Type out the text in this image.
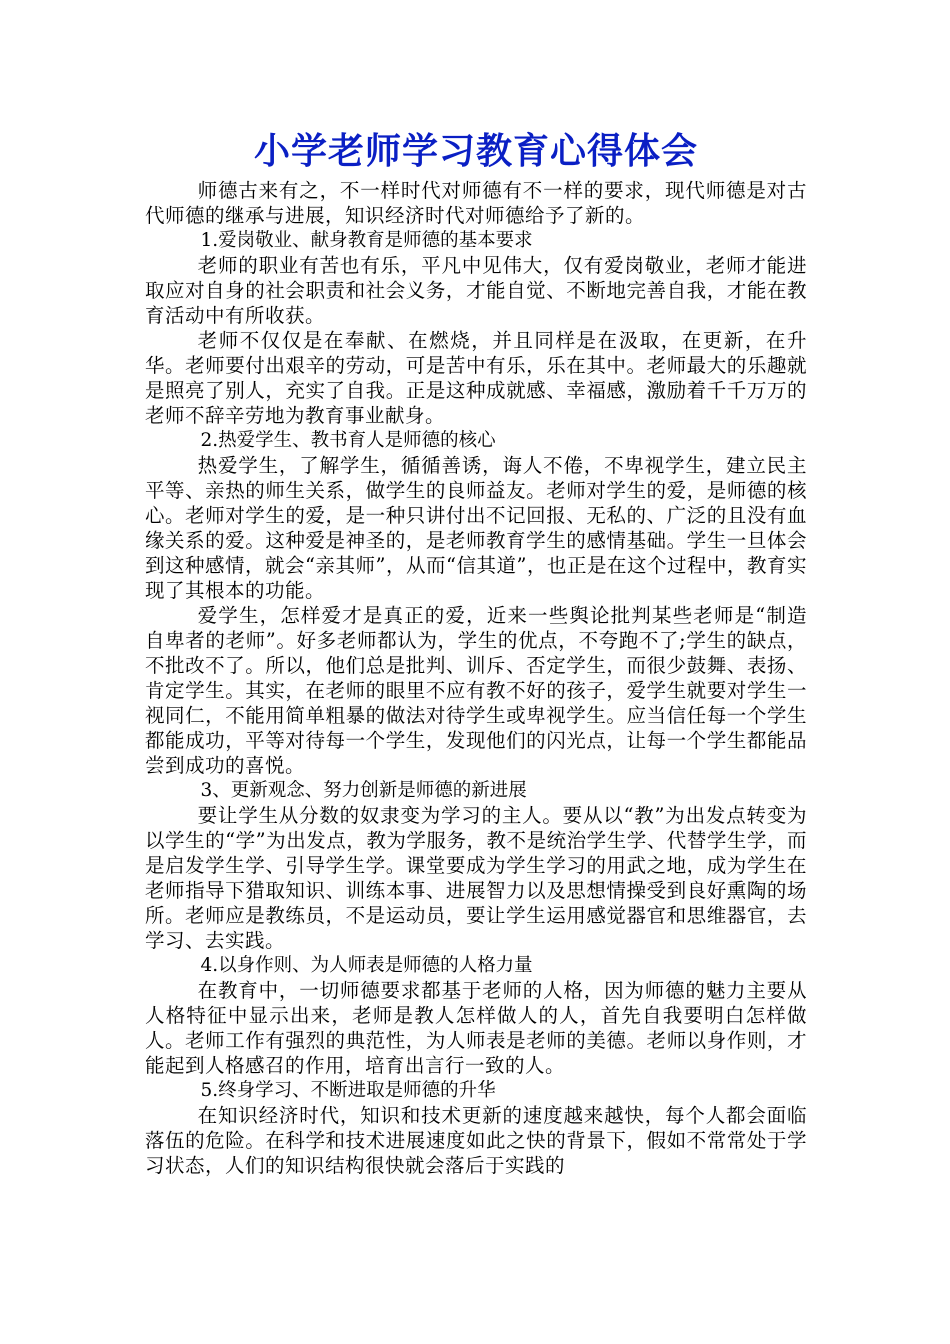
小学老师学习教育心得体会

师德古来有之，不一样时代对师德有不一样的要求，现代师德是对古代师德的继承与进展，知识经济时代对师德给予了新的。

1.爱岗敬业、献身教育是师德的基本要求

老师的职业有苦也有乐，平凡中见伟大，仅有爱岗敬业，老师才能进取应对自身的社会职责和社会义务，才能自觉、不断地完善自我，才能在教育活动中有所收获。

老师不仅仅是在奉献、在燃烧，并且同样是在汲取，在更新，在升华。老师要付出艰辛的劳动，可是苦中有乐，乐在其中。老师最大的乐趣就是照亮了别人，充实了自我。正是这种成就感、幸福感，激励着千千万万的老师不辞辛劳地为教育事业献身。

2.热爱学生、教书育人是师德的核心

热爱学生，了解学生，循循善诱，诲人不倦，不卑视学生，建立民主平等、亲热的师生关系，做学生的良师益友。老师对学生的爱，是师德的核心。老师对学生的爱，是一种只讲付出不记回报、无私的、广泛的且没有血缘关系的爱。这种爱是神圣的，是老师教育学生的感情基础。学生一旦体会到这种感情，就会“亲其师”，从而“信其道”，也正是在这个过程中，教育实现了其根本的功能。

爱学生，怎样爱才是真正的爱，近来一些舆论批判某些老师是“制造自卑者的老师”。好多老师都认为，学生的优点，不夸跑不了;学生的缺点，不批改不了。所以，他们总是批判、训斥、否定学生，而很少鼓舞、表扬、肯定学生。其实，在老师的眼里不应有教不好的孩子，爱学生就要对学生一视同仁，不能用简单粗暴的做法对待学生或卑视学生。应当信任每一个学生都能成功，平等对待每一个学生，发现他们的闪光点，让每一个学生都能品尝到成功的喜悦。

3、更新观念、努力创新是师德的新进展

要让学生从分数的奴隶变为学习的主人。要从以“教”为出发点转变为以学生的“学”为出发点，教为学服务，教不是统治学生学、代替学生学，而是启发学生学、引导学生学。课堂要成为学生学习的用武之地，成为学生在老师指导下猎取知识、训练本事、进展智力以及思想情操受到良好熏陶的场所。老师应是教练员，不是运动员，要让学生运用感觉器官和思维器官，去学习、去实践。

4.以身作则、为人师表是师德的人格力量

在教育中，一切师德要求都基于老师的人格，因为师德的魅力主要从人格特征中显示出来，老师是教人怎样做人的人，首先自我要明白怎样做人。老师工作有强烈的典范性，为人师表是老师的美德。老师以身作则，才能起到人格感召的作用，培育出言行一致的人。

5.终身学习、不断进取是师德的升华

在知识经济时代，知识和技术更新的速度越来越快，每个人都会面临落伍的危险。在科学和技术进展速度如此之快的背景下，假如不常常处于学习状态，人们的知识结构很快就会落后于实践的
